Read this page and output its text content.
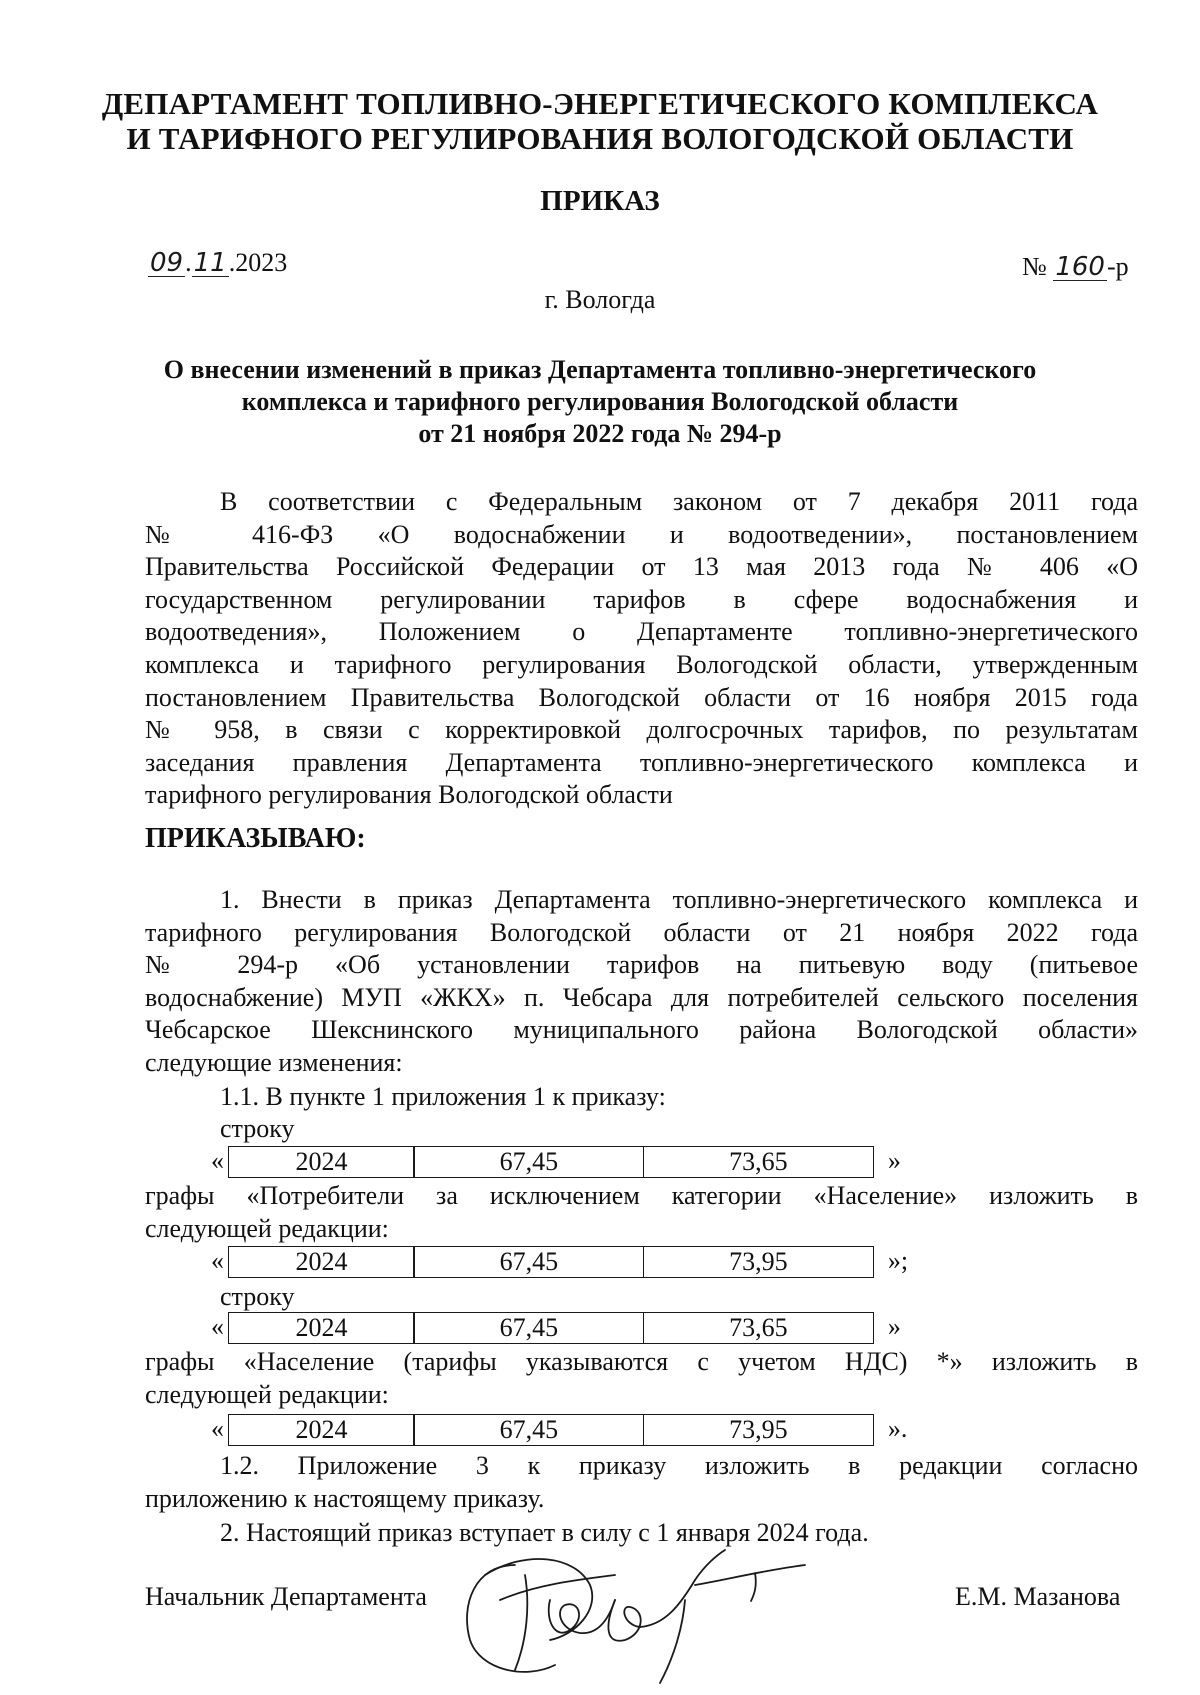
ДЕПАРТАМЕНТ ТОПЛИВНО-ЭНЕРГЕТИЧЕСКОГО КОМПЛЕКСА
И ТАРИФНОГО РЕГУЛИРОВАНИЯ ВОЛОГОДСКОЙ ОБЛАСТИ
ПРИКАЗ
09.11.2023	№ 160-р
г. Вологда
О внесении изменений в приказ Департамента топливно-энергетического
комплекса и тарифного регулирования Вологодской области
от 21 ноября 2022 года № 294-р
В соответствии с Федеральным законом от 7 декабря 2011 года
№ 416-ФЗ «О водоснабжении и водоотведении», постановлением
Правительства Российской Федерации от 13 мая 2013 года № 406 «О
государственном регулировании тарифов в сфере водоснабжения и
водоотведения», Положением о Департаменте топливно-энергетического
комплекса и тарифного регулирования Вологодской области, утвержденным
постановлением Правительства Вологодской области от 16 ноября 2015 года
№ 958, в связи с корректировкой долгосрочных тарифов, по результатам
заседания правления Департамента топливно-энергетического комплекса и
тарифного регулирования Вологодской области
ПРИКАЗЫВАЮ:
1. Внести в приказ Департамента топливно-энергетического комплекса и
тарифного регулирования Вологодской области от 21 ноября 2022 года
№ 294-р «Об установлении тарифов на питьевую воду (питьевое
водоснабжение) МУП «ЖКХ» п. Чебсара для потребителей сельского поселения
Чебсарское Шекснинского муниципального района Вологодской области»
следующие изменения:
1.1. В пункте 1 приложения 1 к приказу:
строку
«	2024	67,45	73,65	»
графы «Потребители за исключением категории «Население» изложить в
следующей редакции:
«	2024	67,45	73,95	»;
строку
«	2024	67,45	73,65	»
графы «Население (тарифы указываются с учетом НДС) *» изложить в
следующей редакции:
«	2024	67,45	73,95	».
1.2. Приложение 3 к приказу изложить в редакции согласно
приложению к настоящему приказу.
2. Настоящий приказ вступает в силу с 1 января 2024 года.
Начальник Департамента	Е.М. Мазанова
